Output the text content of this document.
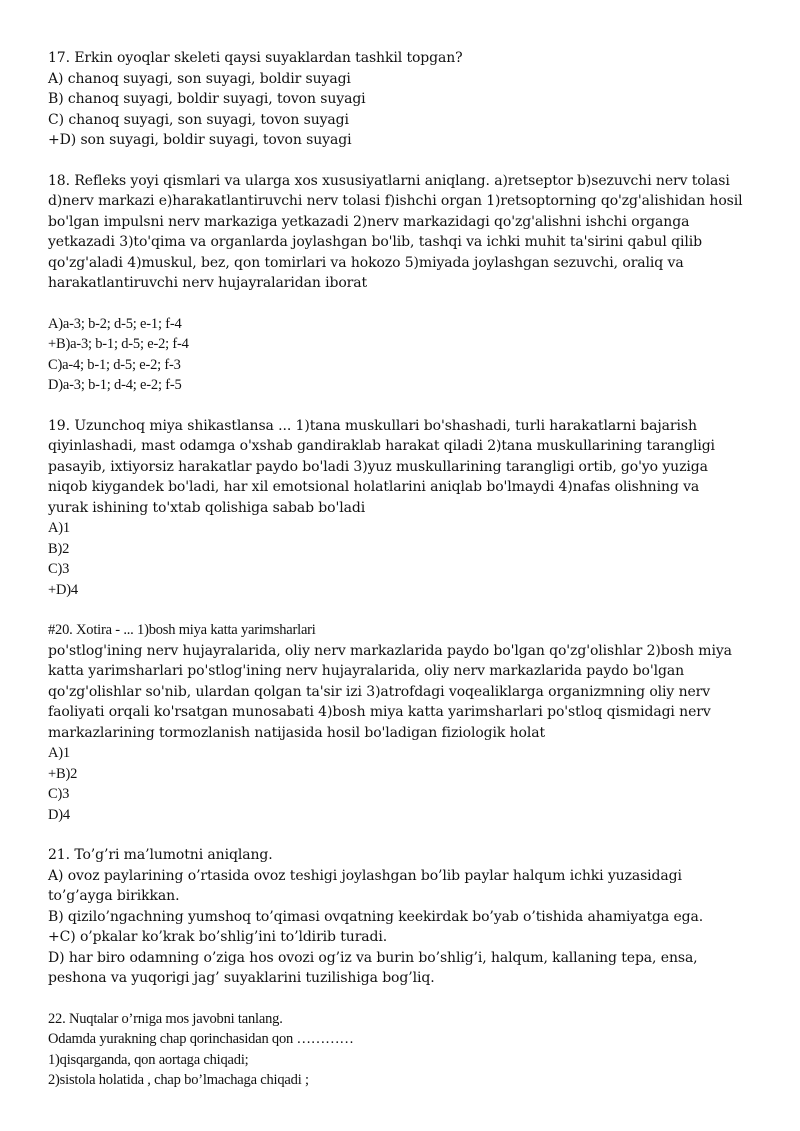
17. Erkin oyoqlar skeleti qaysi suyaklardan tashkil topgan?
A) chanoq suyagi, son suyagi, boldir suyagi
B) chanoq suyagi, boldir suyagi, tovon suyagi
C) chanoq suyagi, son suyagi, tovon suyagi
+D) son suyagi, boldir suyagi, tovon suyagi
18. Refleks yoyi qismlari va ularga xos xususiyatlarni aniqlang. a)retseptor b)sezuvchi nerv tolasi
d)nerv markazi e)harakatlantiruvchi nerv tolasi f)ishchi organ 1)retsoptorning qo'zg'alishidan hosil
bo'lgan impulsni nerv markaziga yetkazadi 2)nerv markazidagi qo'zg'alishni ishchi organga
yetkazadi 3)to'qima va organlarda joylashgan bo'lib, tashqi va ichki muhit ta'sirini qabul qilib
qo'zg'aladi 4)muskul, bez, qon tomirlari va hokozo 5)miyada joylashgan sezuvchi, oraliq va
harakatlantiruvchi nerv hujayralaridan iborat
A)a-3; b-2; d-5; e-1; f-4
+B)a-3; b-1; d-5; e-2; f-4
C)a-4; b-1; d-5; e-2; f-3
D)a-3; b-1; d-4; e-2; f-5
19. Uzunchoq miya shikastlansa ... 1)tana muskullari bo'shashadi, turli harakatlarni bajarish
qiyinlashadi, mast odamga o'xshab gandiraklab harakat qiladi 2)tana muskullarining tarangligi
pasayib, ixtiyorsiz harakatlar paydo bo'ladi 3)yuz muskullarining tarangligi ortib, go'yo yuziga
niqob kiygandek bo'ladi, har xil emotsional holatlarini aniqlab bo'lmaydi 4)nafas olishning va
yurak ishining to'xtab qolishiga sabab bo'ladi
A)1
B)2
C)3
+D)4
#20. Xotira - ... 1)bosh miya katta yarimsharlari
po'stlog'ining nerv hujayralarida, oliy nerv markazlarida paydo bo'lgan qo'zg'olishlar 2)bosh miya
katta yarimsharlari po'stlog'ining nerv hujayralarida, oliy nerv markazlarida paydo bo'lgan
qo'zg'olishlar so'nib, ulardan qolgan ta'sir izi 3)atrofdagi voqealiklarga organizmning oliy nerv
faoliyati orqali ko'rsatgan munosabati 4)bosh miya katta yarimsharlari po'stloq qismidagi nerv
markazlarining tormozlanish natijasida hosil bo'ladigan fiziologik holat
A)1
+B)2
C)3
D)4
21. To’g’ri ma’lumotni aniqlang.
A) ovoz paylarining o’rtasida ovoz teshigi joylashgan bo’lib paylar halqum ichki yuzasidagi
to’g’ayga birikkan.
B) qizilo’ngachning yumshoq to’qimasi ovqatning keekirdak bo’yab o’tishida ahamiyatga ega.
+C) o’pkalar ko’krak bo’shlig’ini to’ldirib turadi.
D) har biro odamning o’ziga hos ovozi og’iz va burin bo’shlig’i, halqum, kallaning tepa, ensa,
peshona va yuqorigi jag’ suyaklarini tuzilishiga bog’liq.
22. Nuqtalar o’rniga mos javobni tanlang.
Odamda yurakning chap qorinchasidan qon …………
1)qisqarganda, qon aortaga chiqadi;
2)sistola holatida , chap bo’lmachaga chiqadi ;
